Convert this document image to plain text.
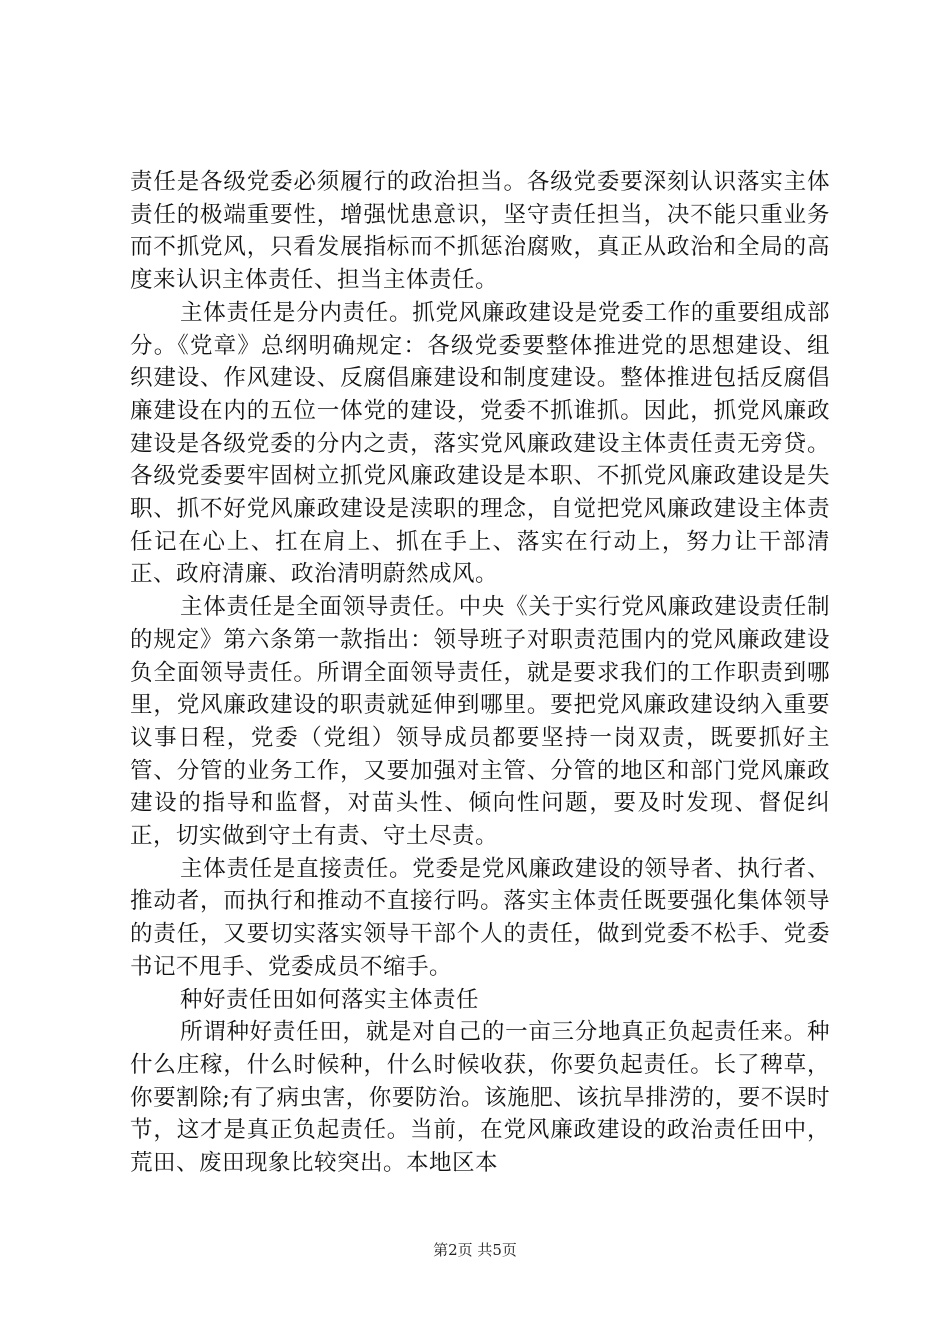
责任是各级党委必须履行的政治担当。各级党委要深刻认识落实主体责任的极端重要性，增强忧患意识，坚守责任担当，决不能只重业务而不抓党风，只看发展指标而不抓惩治腐败，真正从政治和全局的高度来认识主体责任、担当主体责任。

主体责任是分内责任。抓党风廉政建设是党委工作的重要组成部分。《党章》总纲明确规定：各级党委要整体推进党的思想建设、组织建设、作风建设、反腐倡廉建设和制度建设。整体推进包括反腐倡廉建设在内的五位一体党的建设，党委不抓谁抓。因此，抓党风廉政建设是各级党委的分内之责，落实党风廉政建设主体责任责无旁贷。各级党委要牢固树立抓党风廉政建设是本职、不抓党风廉政建设是失职、抓不好党风廉政建设是渎职的理念，自觉把党风廉政建设主体责任记在心上、扛在肩上、抓在手上、落实在行动上，努力让干部清正、政府清廉、政治清明蔚然成风。

主体责任是全面领导责任。中央《关于实行党风廉政建设责任制的规定》第六条第一款指出：领导班子对职责范围内的党风廉政建设负全面领导责任。所谓全面领导责任，就是要求我们的工作职责到哪里，党风廉政建设的职责就延伸到哪里。要把党风廉政建设纳入重要议事日程，党委（党组）领导成员都要坚持一岗双责，既要抓好主管、分管的业务工作，又要加强对主管、分管的地区和部门党风廉政建设的指导和监督，对苗头性、倾向性问题，要及时发现、督促纠正，切实做到守土有责、守土尽责。

主体责任是直接责任。党委是党风廉政建设的领导者、执行者、推动者，而执行和推动不直接行吗。落实主体责任既要强化集体领导的责任，又要切实落实领导干部个人的责任，做到党委不松手、党委书记不甩手、党委成员不缩手。

种好责任田如何落实主体责任

所谓种好责任田，就是对自己的一亩三分地真正负起责任来。种什么庄稼，什么时候种，什么时候收获，你要负起责任。长了稗草，你要割除;有了病虫害，你要防治。该施肥、该抗旱排涝的，要不误时节，这才是真正负起责任。当前，在党风廉政建设的政治责任田中，荒田、废田现象比较突出。本地区本

第2页 共5页
